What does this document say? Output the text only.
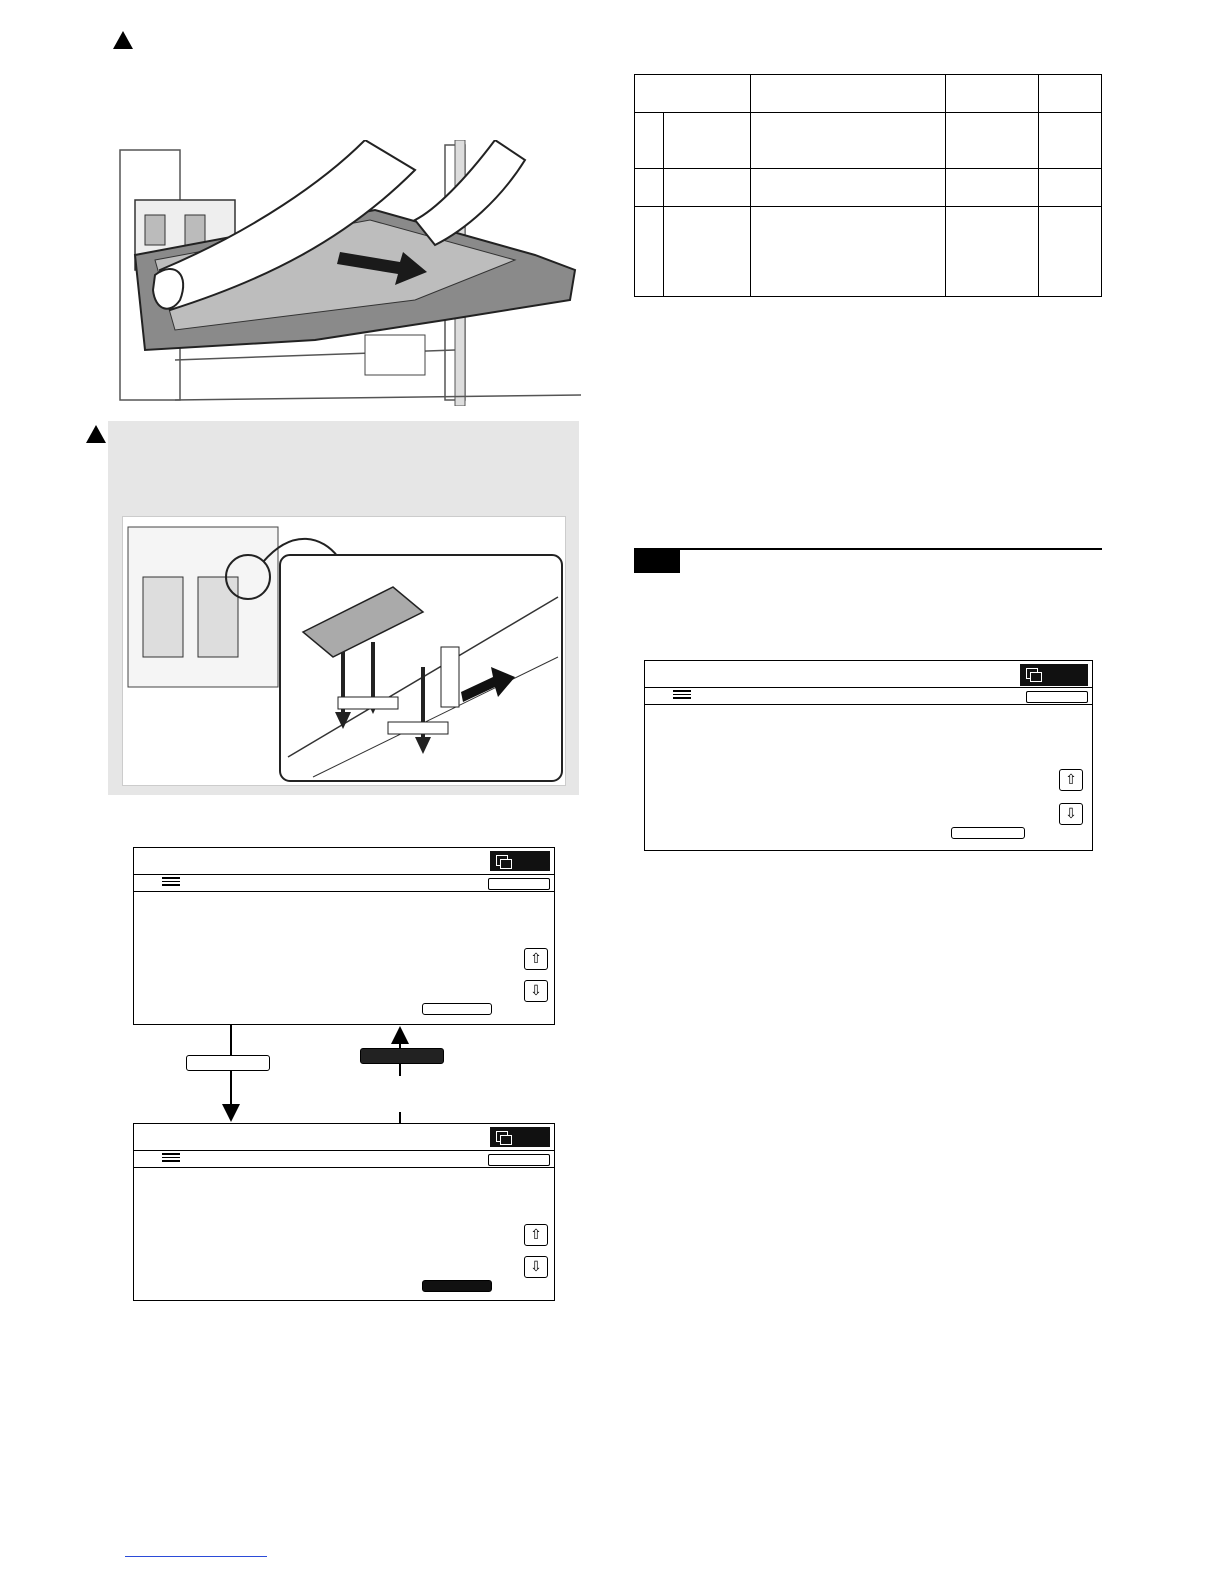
⇧
⇩
⇧
⇩

⇧
⇩
